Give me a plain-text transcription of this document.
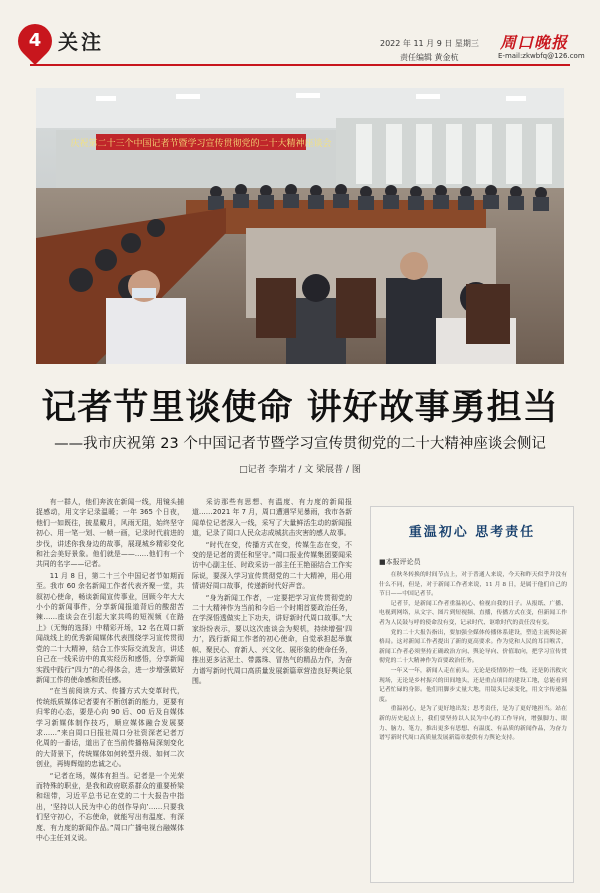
4 关注	2022 年 11 月 9 日 星期三
责任编辑 黄金杭
周口晚报
E-mail:zkwbfq@126.com
庆祝第二十三个中国记者节暨学习宣传贯彻党的二十大精神座谈会
记者节里谈使命 讲好故事勇担当
——我市庆祝第 23 个中国记者节暨学习宣传贯彻党的二十大精神座谈会侧记
□记者 李瑞才 / 文 梁展普 / 图

有一群人，他们奔波在新闻一线，用镜头捕捉感动，用文字记录温暖；一年 365 个日夜，他们一如既往，披星戴月，风雨无阻，始终坚守初心、用一笔一划、一帧一画，记录时代前进的步伐，讲述你我身边的故事，展现城乡精彩变化和社会美好景象。他们就是——……他们有一个共同的名字——记者。

11 月 8 日，第二十三个中国记者节如期而至。我市 60 余名新闻工作者代表齐聚一堂，共叙初心使命，畅谈新闻宣传事业，回顾今年大大小小的新闻事件，分享新闻报道背后的酸甜苦辣……座谈会在引起大家共鸣的短视频《在路上》（无悔的选择）中精彩开场，12 名在周口新闻战线上的优秀新闻媒体代表围绕学习宣传贯彻党的二十大精神，结合工作实际交流发言，讲述自己在一线采访中的真实经历和感悟，分享新闻实践中践行“四力”的心得体会，进一步增强做好新闻工作的使命感和责任感。

“在当前阅读方式、传播方式大变革时代，传统纸质媒体记者要有不断创新的能力，更要有归零的心态，要是心向 90 后、00 后及自媒体学习新媒体制作技巧，顺应媒体融合发展要求……”来自周口日报社周口分社资深老记者万化周的一番话，道出了在当前传播格局深刻变化的大背景下，传统媒体如何转型升级、如何二次创业，再铸辉煌的忠诚之心。

“记者在场，媒体有担当。记者是一个光荣而特殊的职业，是我和政府联系群众的重要桥梁和纽带，习近平总书记在党的二十大报告中指出，‘坚持以人民为中心的创作导向’……只要我们坚守初心，不忘使命，就能写出有温度、有深度、有力度的新闻作品。”周口广播电视台融媒体中心主任刘义说。

采访那些有思想、有温度、有力度的新闻报道……2021 年 7 月，周口遭遇罕见暴雨，我市各新闻单位记者深入一线，采写了大量鲜活生动的新闻报道，记录了周口人民众志成城抗击灾害的感人故事。

“时代在变，传播方式在变，传媒生态在变，不变的是记者的责任和坚守。”周口报业传媒集团要闻采访中心副主任、时政采访一部主任王艳丽结合工作实际说，要深入学习宣传贯彻党的二十大精神，用心用情讲好周口故事，传递新时代好声音。

“身为新闻工作者，一定要把学习宣传贯彻党的二十大精神作为当前和今后一个时期首要政治任务，在学深悟透做实上下功夫，讲好新时代周口故事。”大家纷纷表示，要以这次座谈会为契机，持续增强‘四力’，践行新闻工作者的初心使命，自觉承担起举旗帜、聚民心、育新人、兴文化、展形象的使命任务，推出更多沾泥土、带露珠、冒热气的精品力作，为奋力谱写新时代周口高质量发展新篇章营造良好舆论氛围。

重温初心 思考责任
■本报评论员

在秋冬转换的时间节点上，对于普通人来说，今天和昨天似乎并没有什么不同，但是，对于新闻工作者来说，11 月 8 日，是属于他们自己的节日——中国记者节。

记者节，是新闻工作者重温初心、检视自我的日子。从报纸、广播、电视到网络，从文字、图片到短视频、直播，传播方式在变，但新闻工作者为人民鼓与呼的使命没有变，记录时代、讴歌时代的责任没有变。

党的二十大报告指出，要加强全媒体传播体系建设，塑造主流舆论新格局。这对新闻工作者提出了新的更高要求。作为党和人民的耳目喉舌，新闻工作者必须坚持正确政治方向、舆论导向、价值取向，把学习宣传贯彻党的二十大精神作为首要政治任务。

一年又一年，新闻人走在前头。无论是疫情防控一线，还是防汛救灾现场，无论是乡村振兴的田间地头，还是重点项目的建设工地，总能看到记者忙碌的身影。他们用脚步丈量大地，用镜头记录变化，用文字传递温度。

重温初心，是为了更好地出发；思考责任，是为了更好地担当。站在新的历史起点上，我们要坚持以人民为中心的工作导向，增强脚力、眼力、脑力、笔力，推出更多有思想、有温度、有品质的新闻作品，为奋力谱写新时代周口高质量发展新篇章提供有力舆论支持。
